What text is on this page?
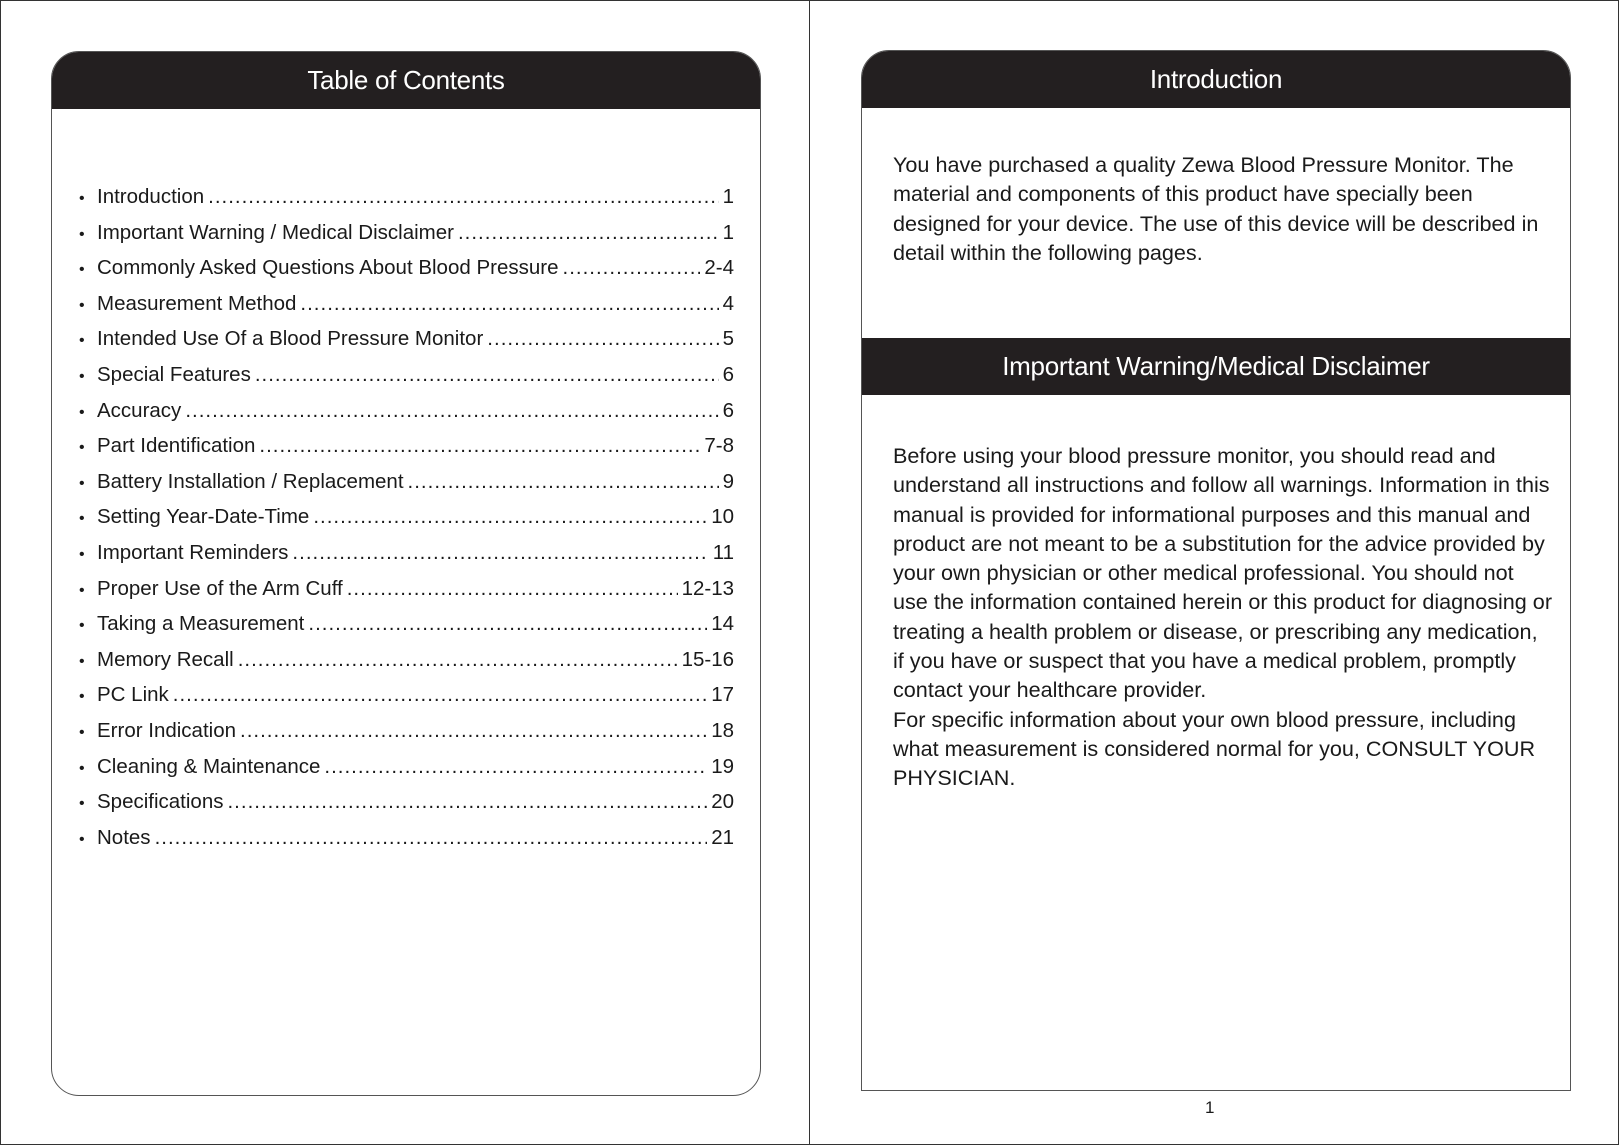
Table of Contents
• Introduction .....	1
• Important Warning / Medical Disclaimer .....	1
• Commonly Asked Questions About Blood Pressure .....	2-4
• Measurement Method .....	4
• Intended Use Of a Blood Pressure Monitor .....	5
• Special Features .....	6
• Accuracy .....	6
• Part Identification .....	7-8
• Battery Installation / Replacement .....	9
• Setting Year-Date-Time .....	10
• Important Reminders .....	11
• Proper Use of the Arm Cuff .....	12-13
• Taking a Measurement .....	14
• Memory Recall .....	15-16
• PC Link .....	17
• Error Indication .....	18
• Cleaning & Maintenance .....	19
• Specifications .....	20
• Notes .....	21
Introduction
You have purchased a quality Zewa Blood Pressure Monitor. The material and components of this product have specially been designed for your device. The use of this device will be described in detail within the following pages.
Important Warning/Medical Disclaimer
Before using your blood pressure monitor, you should read and understand all instructions and follow all warnings. Information in this manual is provided for informational purposes and this manual and product are not meant to be a substitution for the advice provided by your own physician or other medical professional. You should not use the information contained herein or this product for diagnosing or treating a health problem or disease, or prescribing any medication, if you have or suspect that you have a medical problem, promptly contact your healthcare provider.
For specific information about your own blood pressure, including what measurement is considered normal for you, CONSULT YOUR PHYSICIAN.
1
